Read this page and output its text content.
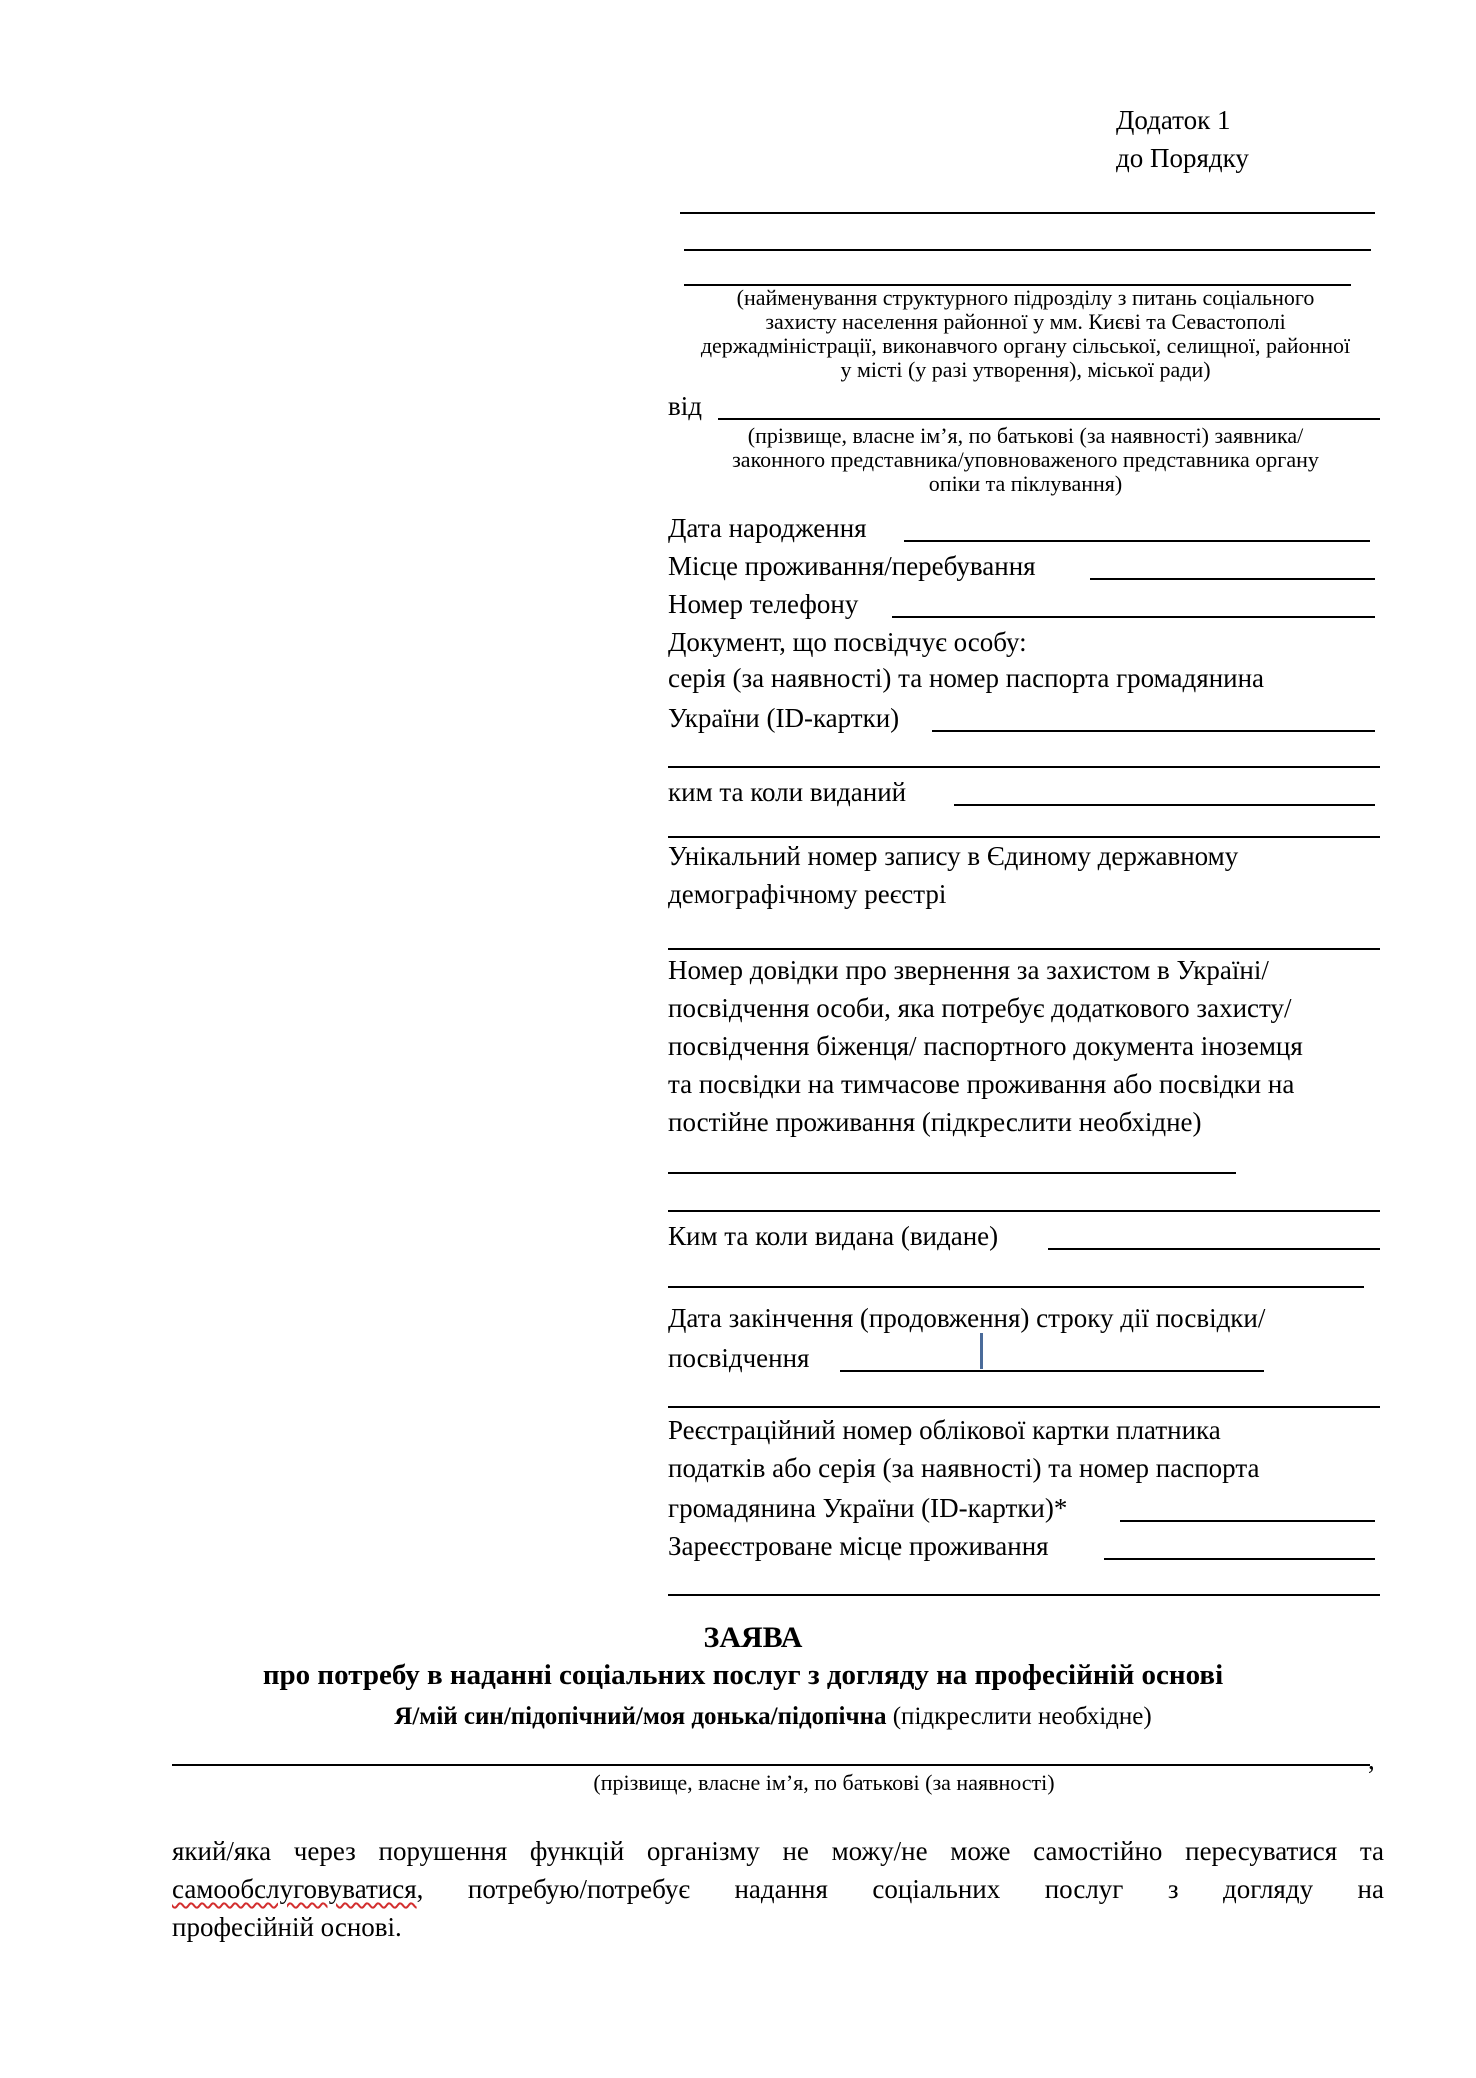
Додаток 1
до Порядку
(найменування структурного підрозділу з питань соціального
захисту населення районної у мм. Києві та Севастополі
держадміністрації, виконавчого органу сільської, селищної, районної
у місті (у разі утворення), міської ради)
від
(прізвище, власне ім’я, по батькові (за наявності) заявника/
законного представника/уповноваженого представника органу
опіки та піклування)
Дата народження
Місце проживання/перебування
Номер телефону
Документ, що посвідчує особу:
серія (за наявності) та номер паспорта громадянина
України (ID-картки)
ким та коли виданий
Унікальний номер запису в Єдиному державному
демографічному реєстрі
Номер довідки про звернення за захистом в Україні/
посвідчення особи, яка потребує додаткового захисту/
посвідчення біженця/ паспортного документа іноземця
та посвідки на тимчасове проживання або посвідки на
постійне проживання (підкреслити необхідне)
Ким та коли видана (видане)
Дата закінчення (продовження) строку дії посвідки/
посвідчення
Реєстраційний номер облікової картки платника
податків або серія (за наявності) та номер паспорта
громадянина України (ID-картки)*
Зареєстроване місце проживання
ЗАЯВА
про потребу в наданні соціальних послуг з догляду на професійній основі
Я/мій син/підопічний/моя донька/підопічна (підкреслити необхідне)
,
(прізвище, власне ім’я, по батькові (за наявності)
який/яка через порушення функцій організму не можу/не може самостійно пересуватися та
самообслуговуватися, потребую/потребує надання соціальних послуг з догляду на
професійній основі.
